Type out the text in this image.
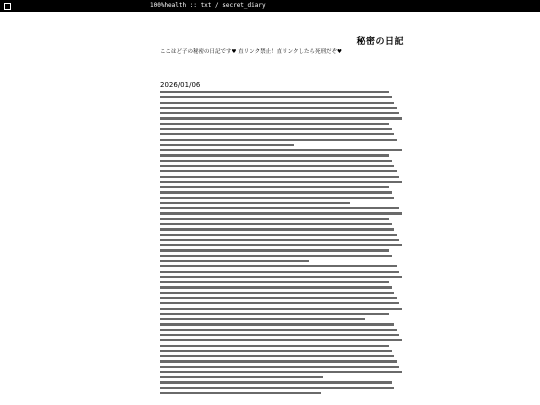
100%health :: txt / secret_diary
秘密の日記
ここはど子の秘密の日記です♥ 直リンク禁止！直リンクしたら死刑だぞ♥
2026/01/06
